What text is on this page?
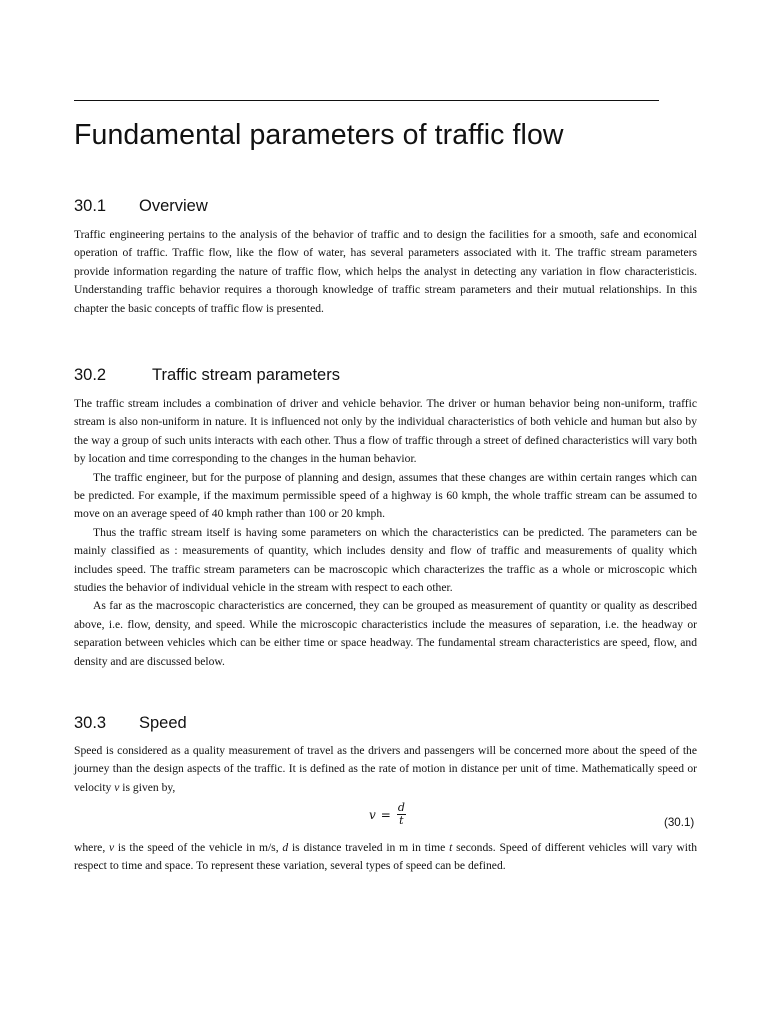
Fundamental parameters of traffic flow
30.1 Overview

Traffic engineering pertains to the analysis of the behavior of traffic and to design the facilities for a smooth, safe and economical operation of traffic. Traffic flow, like the flow of water, has several parameters associated with it. The traffic stream parameters provide information regarding the nature of traffic flow, which helps the analyst in detecting any variation in flow characteristicis. Understanding traffic behavior requires a thorough knowledge of traffic stream parameters and their mutual relationships. In this chapter the basic concepts of traffic flow is presented.

30.2	Traffic stream parameters

The traffic stream includes a combination of driver and vehicle behavior. The driver or human behavior being non-uniform, traffic stream is also non-uniform in nature. It is influenced not only by the individual characteristics of both vehicle and human but also by the way a group of such units interacts with each other. Thus a flow of traffic through a street of defined characteristics will vary both by location and time corresponding to the changes in the human behavior.

The traffic engineer, but for the purpose of planning and design, assumes that these changes are within certain ranges which can be predicted. For example, if the maximum permissible speed of a highway is 60 kmph, the whole traffic stream can be assumed to move on an average speed of 40 kmph rather than 100 or 20 kmph.

Thus the traffic stream itself is having some parameters on which the characteristics can be predicted. The parameters can be mainly classified as : measurements of quantity, which includes density and flow of traffic and measurements of quality which includes speed. The traffic stream parameters can be macroscopic which characterizes the traffic as a whole or microscopic which studies the behavior of individual vehicle in the stream with respect to each other.

As far as the macroscopic characteristics are concerned, they can be grouped as measurement of quantity or quality as described above, i.e. flow, density, and speed. While the microscopic characteristics include the measures of separation, i.e. the headway or separation between vehicles which can be either time or space headway. The fundamental stream characteristics are speed, flow, and density and are discussed below.

30.3 Speed

Speed is considered as a quality measurement of travel as the drivers and passengers will be concerned more about the speed of the journey than the design aspects of the traffic. It is defined as the rate of motion in distance per unit of time. Mathematically speed or velocity v is given by,

$v = \frac{d}{t}$	(30.1)

where, v is the speed of the vehicle in m/s, d is distance traveled in m in time t seconds. Speed of different vehicles will vary with respect to time and space. To represent these variation, several types of speed can be defined.
